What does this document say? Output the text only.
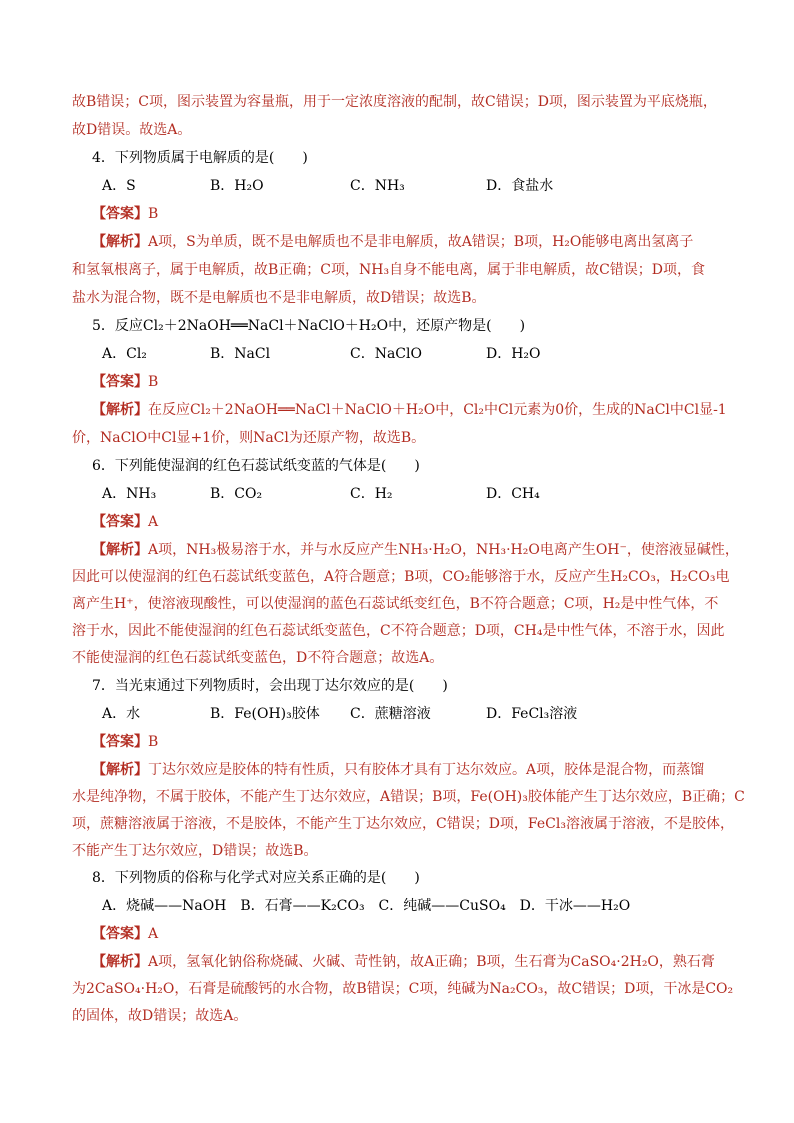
故B错误；C项，图示装置为容量瓶，用于一定浓度溶液的配制，故C错误；D项，图示装置为平底烧瓶，
故D错误。故选A。
4．下列物质属于电解质的是(　　)
A．S	B．H₂O	C．NH₃	D．食盐水
【答案】B
【解析】A项，S为单质，既不是电解质也不是非电解质，故A错误；B项，H₂O能够电离出氢离子
和氢氧根离子，属于电解质，故B正确；C项，NH₃自身不能电离，属于非电解质，故C错误；D项，食
盐水为混合物，既不是电解质也不是非电解质，故D错误；故选B。
5．反应Cl₂＋2NaOH══NaCl＋NaClO＋H₂O中，还原产物是(　　)
A．Cl₂	B．NaCl	C．NaClO	D．H₂O
【答案】B
【解析】在反应Cl₂＋2NaOH══NaCl＋NaClO＋H₂O中，Cl₂中Cl元素为0价，生成的NaCl中Cl显-1
价，NaClO中Cl显+1价，则NaCl为还原产物，故选B。
6．下列能使湿润的红色石蕊试纸变蓝的气体是(　　)
A．NH₃	B．CO₂	C．H₂	D．CH₄
【答案】A
【解析】A项，NH₃极易溶于水，并与水反应产生NH₃·H₂O，NH₃·H₂O电离产生OH⁻，使溶液显碱性，
因此可以使湿润的红色石蕊试纸变蓝色，A符合题意；B项，CO₂能够溶于水，反应产生H₂CO₃，H₂CO₃电
离产生H⁺，使溶液现酸性，可以使湿润的蓝色石蕊试纸变红色，B不符合题意；C项，H₂是中性气体，不
溶于水，因此不能使湿润的红色石蕊试纸变蓝色，C不符合题意；D项，CH₄是中性气体，不溶于水，因此
不能使湿润的红色石蕊试纸变蓝色，D不符合题意；故选A。
7．当光束通过下列物质时，会出现丁达尔效应的是(　　)
A．水	B．Fe(OH)₃胶体 C．蔗糖溶液	D．FeCl₃溶液
【答案】B
【解析】丁达尔效应是胶体的特有性质，只有胶体才具有丁达尔效应。A项，胶体是混合物，而蒸馏
水是纯净物，不属于胶体，不能产生丁达尔效应，A错误；B项，Fe(OH)₃胶体能产生丁达尔效应，B正确；C
项，蔗糖溶液属于溶液，不是胶体，不能产生丁达尔效应，C错误；D项，FeCl₃溶液属于溶液，不是胶体，
不能产生丁达尔效应，D错误；故选B。
8．下列物质的俗称与化学式对应关系正确的是(　　)
A．烧碱——NaOH　B．石膏——K₂CO₃　C．纯碱——CuSO₄　D．干冰——H₂O
【答案】A
【解析】A项，氢氧化钠俗称烧碱、火碱、苛性钠，故A正确；B项，生石膏为CaSO₄·2H₂O，熟石膏
为2CaSO₄·H₂O，石膏是硫酸钙的水合物，故B错误；C项，纯碱为Na₂CO₃，故C错误；D项，干冰是CO₂
的固体，故D错误；故选A。
